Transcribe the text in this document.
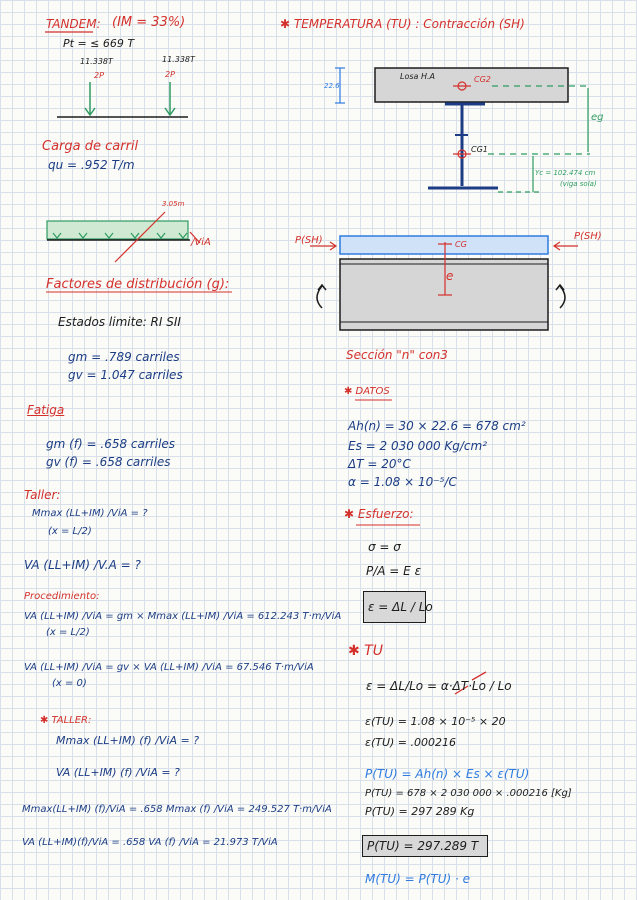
TANDEM: (IM = 33%)
Pt = ≤ 669 T
11.338T	11.338T
2P	2P
Carga de carril
qu = .952 T/m
3.05m
/ViA
Factores de distribución (g):
Estados limite: RI SII
gm = .789 carriles
gv = 1.047 carriles
Fatiga
gm (f) = .658 carriles
gv (f) = .658 carriles
Taller:
Mmax (LL+IM) /ViA = ?
(x = L/2)
VA (LL+IM) /V.A = ?
Procedimiento:
VA (LL+IM) /ViA = gm × Mmax (LL+IM) /ViA = 612.243 T·m/ViA
(x = L/2)
VA (LL+IM) /ViA = gv × VA (LL+IM) /ViA = 67.546 T·m/ViA
(x = 0)
✱ TALLER:
Mmax (LL+IM) (f) /ViA = ?
VA (LL+IM) (f) /ViA = ?
Mmax(LL+IM) (f)/ViA = .658 Mmax (f) /ViA = 249.527 T·m/ViA
VA (LL+IM)(f)/ViA = .658 VA (f) /ViA = 21.973 T/ViA
✱ TEMPERATURA (TU) : Contracción (SH)
22.6
Losa H.A	CG2
CG1
eg
Yc = 102.474 cm
(viga sola)
P(SH)	P(SH)
CG
e
Sección "n" con3
✱ DATOS
Ah(n) = 30 × 22.6 = 678 cm²
Es = 2 030 000 Kg/cm²
ΔT = 20°C
α = 1.08 × 10⁻⁵/C
✱ Esfuerzo:
σ = σ
P/A = E ε
ε = ΔL / Lo
✱ TU
ε = ΔL/Lo = α·ΔT·Lo / Lo
ε(TU) = 1.08 × 10⁻⁵ × 20
ε(TU) = .000216
P(TU) = Ah(n) × Es × ε(TU)
P(TU) = 678 × 2 030 000 × .000216 [Kg]
P(TU) = 297 289 Kg
P(TU) = 297.289 T
M(TU) = P(TU) · e
